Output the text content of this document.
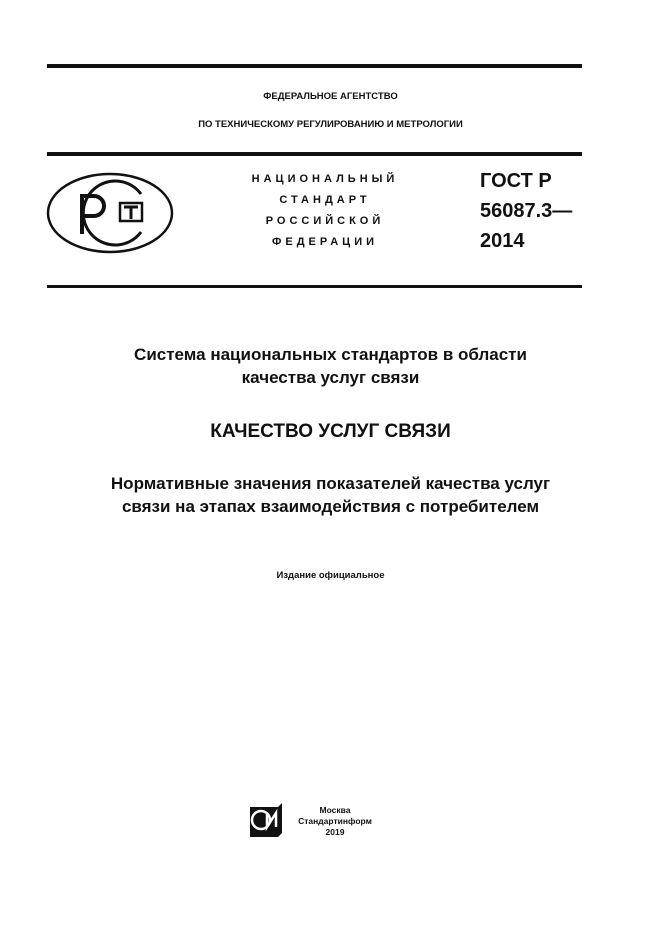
ФЕДЕРАЛЬНОЕ АГЕНТСТВО
ПО ТЕХНИЧЕСКОМУ РЕГУЛИРОВАНИЮ И МЕТРОЛОГИИ
НАЦИОНАЛЬНЫЙ
СТАНДАРТ
РОССИЙСКОЙ
ФЕДЕРАЦИИ
ГОСТ Р
56087.3—
2014
Система национальных стандартов в области
качества услуг связи
КАЧЕСТВО УСЛУГ СВЯЗИ
Нормативные значения показателей качества услуг
связи на этапах взаимодействия с потребителем
Издание официальное
Москва
Стандартинформ
2019
